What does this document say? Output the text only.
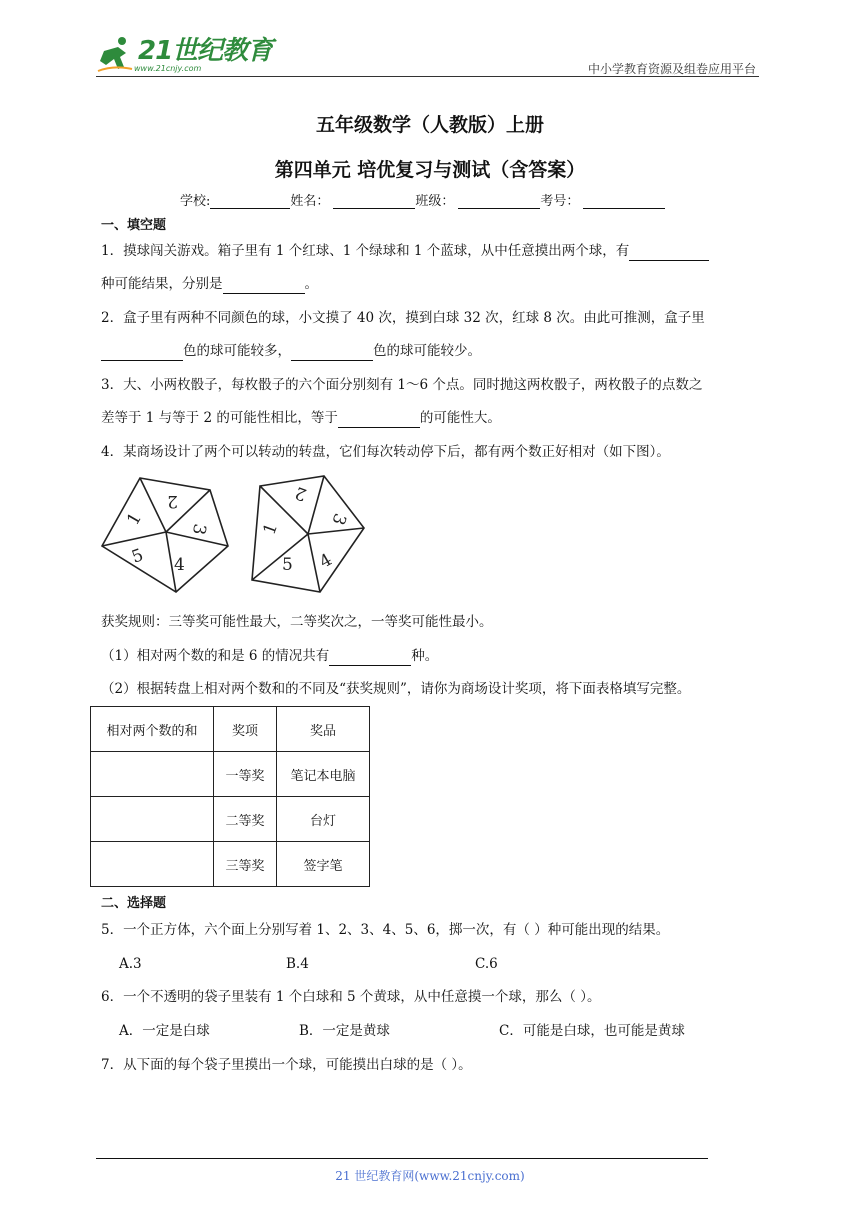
21世纪教育
www.21cnjy.com	中小学教育资源及组卷应用平台
五年级数学（人教版）上册
第四单元 培优复习与测试（含答案）
学校:	姓名：	班级：	考号：
一、填空题
1．摸球闯关游戏。箱子里有 1 个红球、1 个绿球和 1 个蓝球，从中任意摸出两个球，有
种可能结果，分别是	。
2．盒子里有两种不同颜色的球，小文摸了 40 次，摸到白球 32 次，红球 8 次。由此可推测，盒子里
色的球可能较多，	色的球可能较少。
3．大、小两枚骰子，每枚骰子的六个面分别刻有 1～6 个点。同时抛这两枚骰子，两枚骰子的点数之
差等于 1 与等于 2 的可能性相比，等于	的可能性大。
4．某商场设计了两个可以转动的转盘，它们每次转动停下后，都有两个数正好相对（如下图）。
1
2
3
4
5
1
2
3
4
5
获奖规则：三等奖可能性最大，二等奖次之，一等奖可能性最小。
（1）相对两个数的和是 6 的情况共有	种。
（2）根据转盘上相对两个数和的不同及“获奖规则”，请你为商场设计奖项，将下面表格填写完整。
相对两个数的和	奖项	奖品
	一等奖	笔记本电脑
	二等奖	台灯
	三等奖	签字笔
二、选择题
5．一个正方体，六个面上分别写着 1、2、3、4、5、6，掷一次，有（ ）种可能出现的结果。
A.3	B.4	C.6
6．一个不透明的袋子里装有 1 个白球和 5 个黄球，从中任意摸一个球，那么（ ）。
A．一定是白球	B．一定是黄球	C．可能是白球，也可能是黄球
7．从下面的每个袋子里摸出一个球，可能摸出白球的是（ ）。
21 世纪教育网(www.21cnjy.com)
